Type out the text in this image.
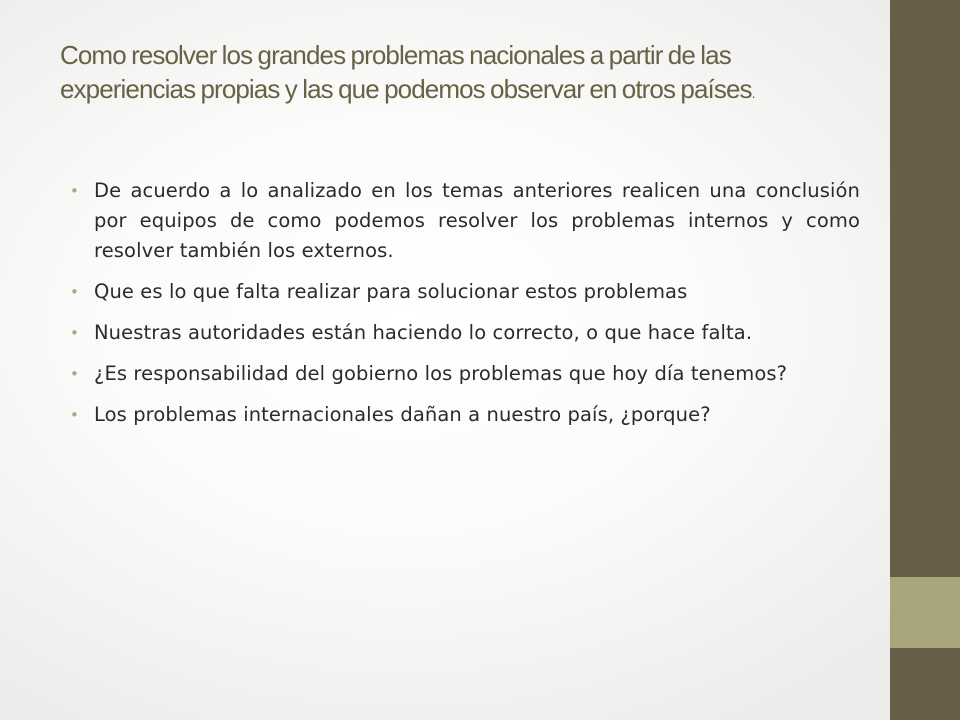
Como resolver los grandes problemas nacionales a partir de las experiencias propias y las que podemos observar en otros países.
• De acuerdo a lo analizado en los temas anteriores realicen una conclusión por equipos de como podemos resolver los problemas internos y como resolver también los externos.
• Que es lo que falta realizar para solucionar estos problemas
• Nuestras autoridades están haciendo lo correcto, o que hace falta.
• ¿Es responsabilidad del gobierno los problemas que hoy día tenemos?
• Los problemas internacionales dañan a nuestro país, ¿porque?
